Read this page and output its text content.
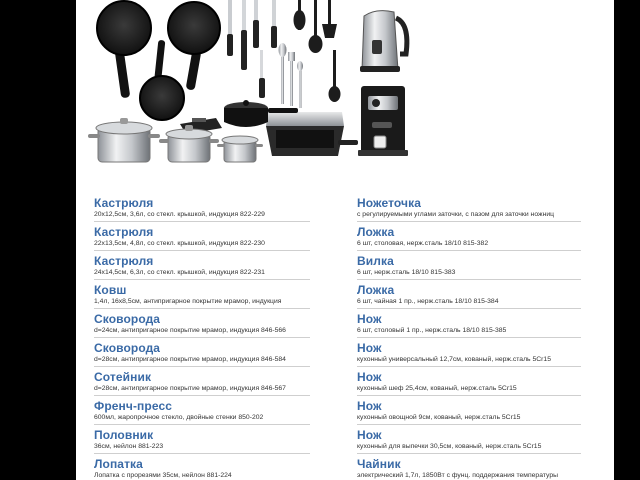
Кастрюля
20x12,5см, 3,6л, со стекл. крышкой, индукция 822-229
Кастрюля
22x13,5см, 4,8л, со стекл. крышкой, индукция 822-230
Кастрюля
24x14,5см, 6,3л, со стекл. крышкой, индукция 822-231
Ковш
1,4л, 16x8,5см, антипригарное покрытие мрамор, индукция
Сковорода
d=24см, антипригарное покрытие мрамор, индукция 846-566
Сковорода
d=28см, антипригарное покрытие мрамор, индукция 846-584
Сотейник
d=28см, антипригарное покрытие мрамор, индукция 846-567
Френч-пресс
600мл, жаропрочное стекло, двойные стенки 850-202
Половник
36см, нейлон 881-223
Лопатка
Лопатка с прорезями 35см, нейлон 881-224
Ножеточка
с регулируемыми углами заточки, с пазом для заточки ножниц
Ложка
6 шт, столовая, нерж.сталь 18/10 815-382
Вилка
6 шт, нерж.сталь 18/10 815-383
Ложка
6 шт, чайная 1 пр., нерж.сталь 18/10 815-384
Нож
6 шт, столовый 1 пр., нерж.сталь 18/10 815-385
Нож
кухонный универсальный 12,7см, кованый, нерж.сталь 5Cr15
Нож
кухонный шеф 25,4см, кованый, нерж.сталь 5Cr15
Нож
кухонный овощной 9см, кованый, нерж.сталь 5Cr15
Нож
кухонный для выпечки 30,5см, кованый, нерж.сталь 5Cr15
Чайник
электрический 1,7л, 1850Вт с фунц. поддержания температуры
